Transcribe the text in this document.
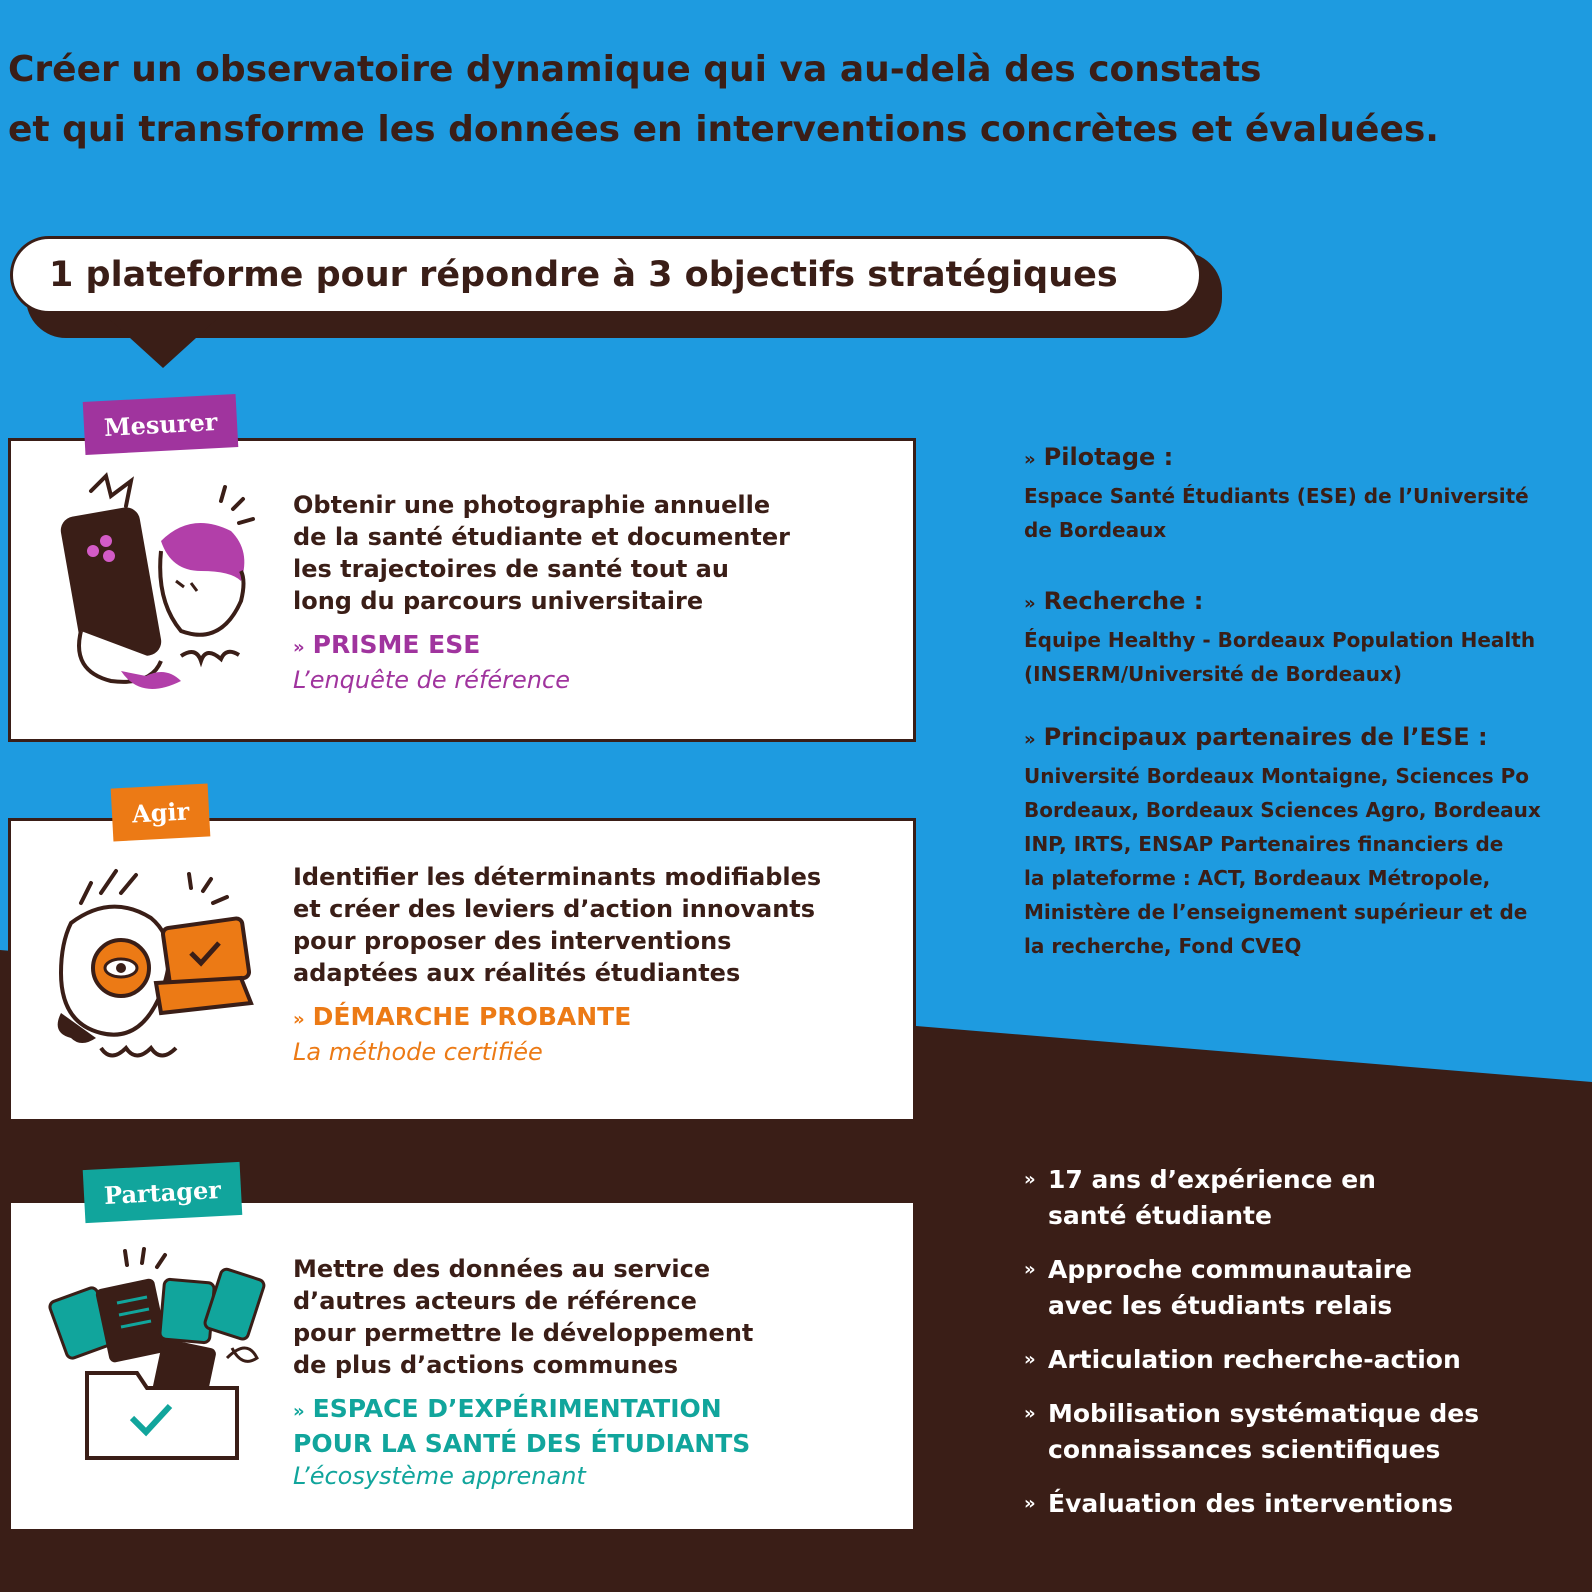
Créer un observatoire dynamique qui va au-delà des constats
et qui transforme les données en interventions concrètes et évaluées.
1 plateforme pour répondre à 3 objectifs stratégiques
Obtenir une photographie annuelle
de la santé étudiante et documenter
les trajectoires de santé tout au
long du parcours universitaire
» PRISME ESE
L’enquête de référence
Mesurer
Identifier les déterminants modifiables
et créer des leviers d’action innovants
pour proposer des interventions
adaptées aux réalités étudiantes
» DÉMARCHE PROBANTE
La méthode certifiée
Agir
Mettre des données au service
d’autres acteurs de référence
pour permettre le développement
de plus d’actions communes
» ESPACE D’EXPÉRIMENTATION
POUR LA SANTÉ DES ÉTUDIANTS
L’écosystème apprenant
Partager

» Pilotage :

Espace Santé Étudiants (ESE) de l’Université
de Bordeaux

» Recherche :

Équipe Healthy - Bordeaux Population Health
(INSERM/Université de Bordeaux)

» Principaux partenaires de l’ESE :

Université Bordeaux Montaigne, Sciences Po
Bordeaux, Bordeaux Sciences Agro, Bordeaux
INP, IRTS, ENSAP Partenaires financiers de
la plateforme : ACT, Bordeaux Métropole,
Ministère de l’enseignement supérieur et de
la recherche, Fond CVEQ

» 17 ans d’expérience en
santé étudiante
» Approche communautaire
avec les étudiants relais
» Articulation recherche-action
» Mobilisation systématique des
connaissances scientifiques
» Évaluation des interventions
